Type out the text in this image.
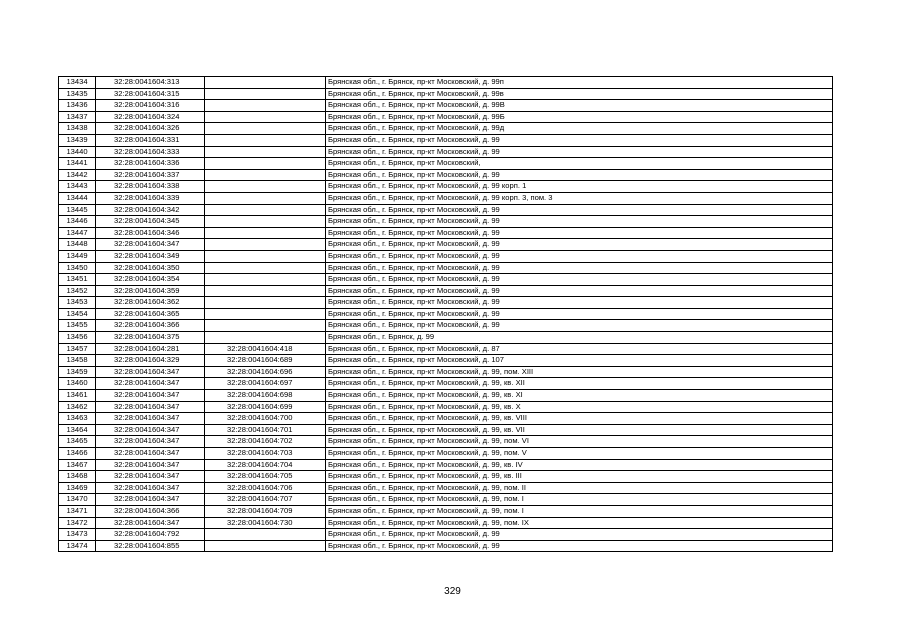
13434	32:28:0041604:313		Брянская обл., г. Брянск, пр-кт Московский, д. 99п
13435	32:28:0041604:315		Брянская обл., г. Брянск, пр-кт Московский, д. 99в
13436	32:28:0041604:316		Брянская обл., г. Брянск, пр-кт Московский, д. 99В
13437	32:28:0041604:324		Брянская обл., г. Брянск, пр-кт Московский, д. 99Б
13438	32:28:0041604:326		Брянская обл., г. Брянск, пр-кт Московский, д. 99д
13439	32:28:0041604:331		Брянская обл., г. Брянск, пр-кт Московский, д. 99
13440	32:28:0041604:333		Брянская обл., г. Брянск, пр-кт Московский, д. 99
13441	32:28:0041604:336		Брянская обл., г. Брянск, пр-кт Московский,
13442	32:28:0041604:337		Брянская обл., г. Брянск, пр-кт Московский, д. 99
13443	32:28:0041604:338		Брянская обл., г. Брянск, пр-кт Московский, д. 99 корп. 1
13444	32:28:0041604:339		Брянская обл., г. Брянск, пр-кт Московский, д. 99 корп. 3, пом. 3
13445	32:28:0041604:342		Брянская обл., г. Брянск, пр-кт Московский, д. 99
13446	32:28:0041604:345		Брянская обл., г. Брянск, пр-кт Московский, д. 99
13447	32:28:0041604:346		Брянская обл., г. Брянск, пр-кт Московский, д. 99
13448	32:28:0041604:347		Брянская обл., г. Брянск, пр-кт Московский, д. 99
13449	32:28:0041604:349		Брянская обл., г. Брянск, пр-кт Московский, д. 99
13450	32:28:0041604:350		Брянская обл., г. Брянск, пр-кт Московский, д. 99
13451	32:28:0041604:354		Брянская обл., г. Брянск, пр-кт Московский, д. 99
13452	32:28:0041604:359		Брянская обл., г. Брянск, пр-кт Московский, д. 99
13453	32:28:0041604:362		Брянская обл., г. Брянск, пр-кт Московский, д. 99
13454	32:28:0041604:365		Брянская обл., г. Брянск, пр-кт Московский, д. 99
13455	32:28:0041604:366		Брянская обл., г. Брянск, пр-кт Московский, д. 99
13456	32:28:0041604:375		Брянская обл., г. Брянск, д. 99
13457	32:28:0041604:281	32:28:0041604:418	Брянская обл., г. Брянск, пр-кт Московский, д. 87
13458	32:28:0041604:329	32:28:0041604:689	Брянская обл., г. Брянск, пр-кт Московский, д. 107
13459	32:28:0041604:347	32:28:0041604:696	Брянская обл., г. Брянск, пр-кт Московский, д. 99, пом. XIII
13460	32:28:0041604:347	32:28:0041604:697	Брянская обл., г. Брянск, пр-кт Московский, д. 99, кв. XII
13461	32:28:0041604:347	32:28:0041604:698	Брянская обл., г. Брянск, пр-кт Московский, д. 99, кв. XI
13462	32:28:0041604:347	32:28:0041604:699	Брянская обл., г. Брянск, пр-кт Московский, д. 99, кв. X
13463	32:28:0041604:347	32:28:0041604:700	Брянская обл., г. Брянск, пр-кт Московский, д. 99, кв. VIII
13464	32:28:0041604:347	32:28:0041604:701	Брянская обл., г. Брянск, пр-кт Московский, д. 99, кв. VII
13465	32:28:0041604:347	32:28:0041604:702	Брянская обл., г. Брянск, пр-кт Московский, д. 99, пом. VI
13466	32:28:0041604:347	32:28:0041604:703	Брянская обл., г. Брянск, пр-кт Московский, д. 99, пом. V
13467	32:28:0041604:347	32:28:0041604:704	Брянская обл., г. Брянск, пр-кт Московский, д. 99, кв. IV
13468	32:28:0041604:347	32:28:0041604:705	Брянская обл., г. Брянск, пр-кт Московский, д. 99, кв. III
13469	32:28:0041604:347	32:28:0041604:706	Брянская обл., г. Брянск, пр-кт Московский, д. 99, пом. II
13470	32:28:0041604:347	32:28:0041604:707	Брянская обл., г. Брянск, пр-кт Московский, д. 99, пом. I
13471	32:28:0041604:366	32:28:0041604:709	Брянская обл., г. Брянск, пр-кт Московский, д. 99, пом. I
13472	32:28:0041604:347	32:28:0041604:730	Брянская обл., г. Брянск, пр-кт Московский, д. 99, пом. IX
13473	32:28:0041604:792		Брянская обл., г. Брянск, пр-кт Московский, д. 99
13474	32:28:0041604:855		Брянская обл., г. Брянск, пр-кт Московский, д. 99
329
